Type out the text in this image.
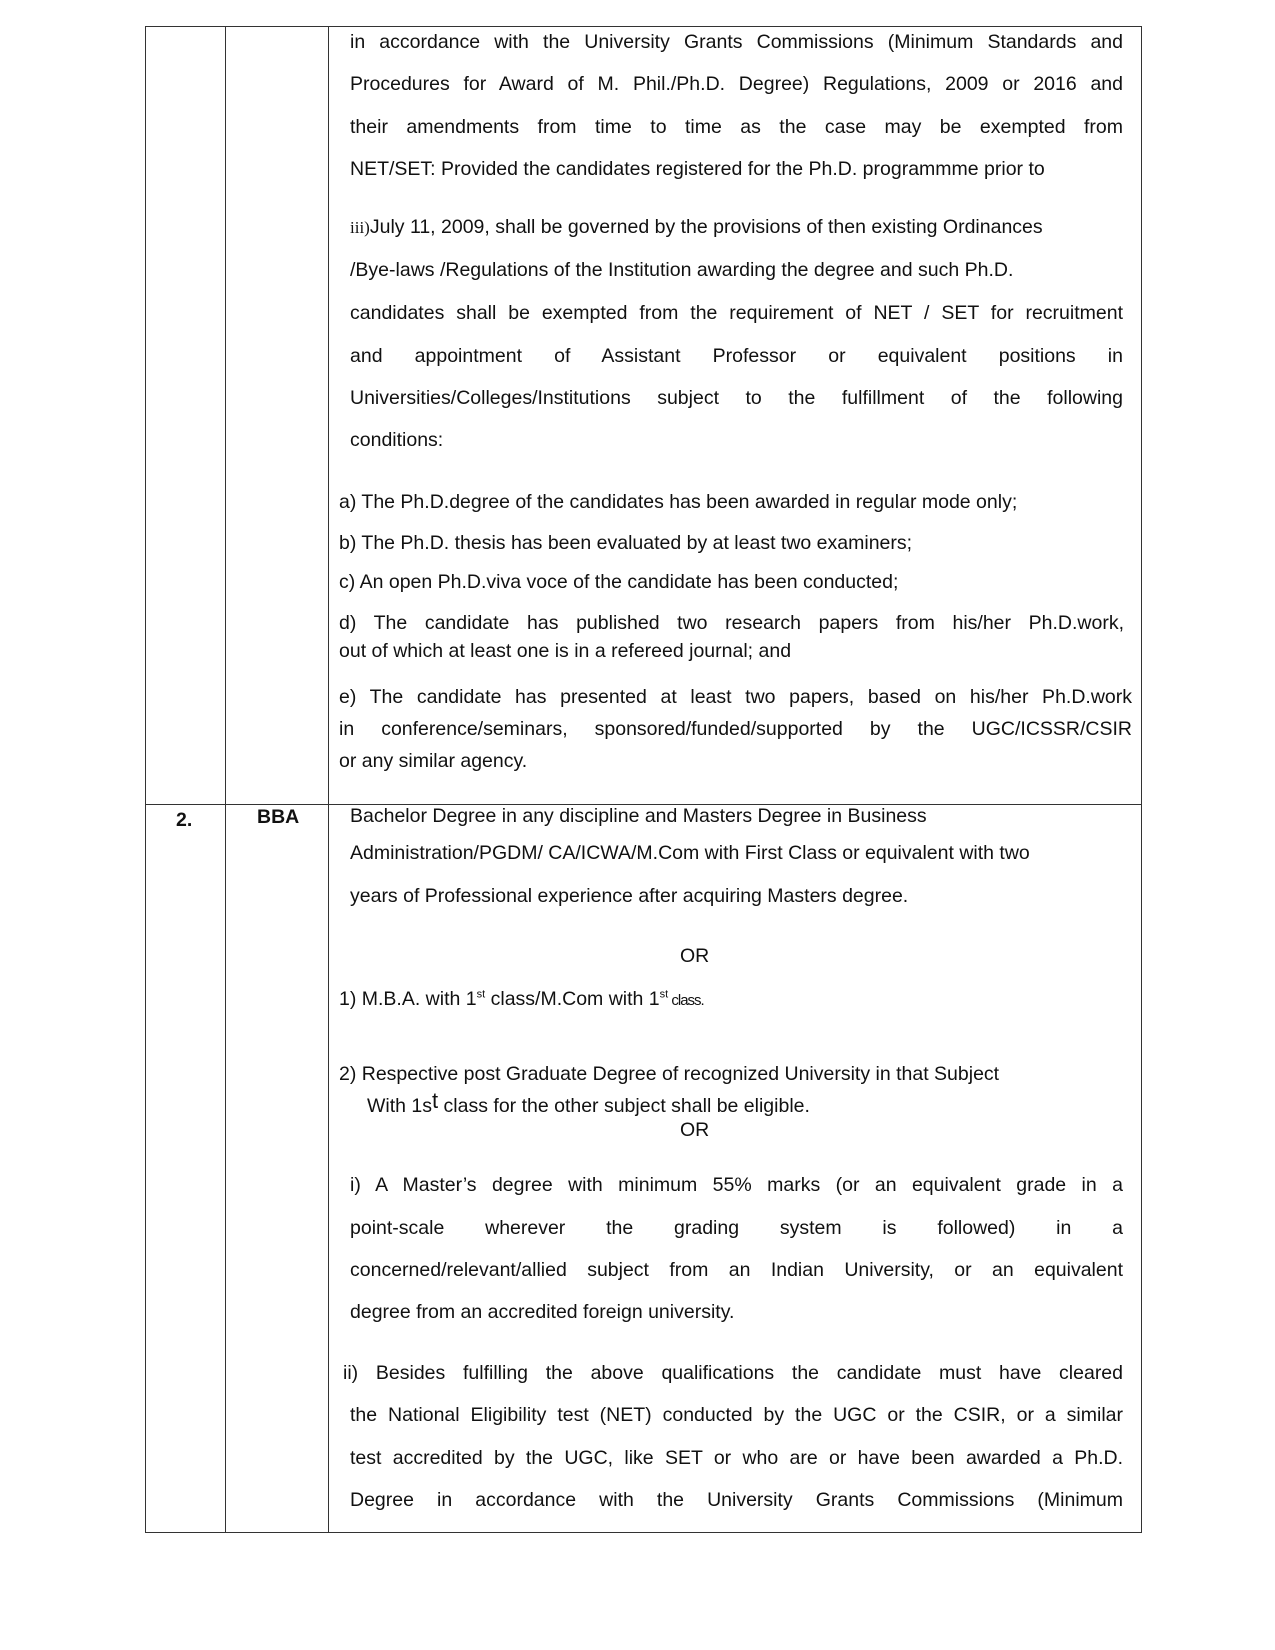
in accordance with the University Grants Commissions (Minimum Standards and
Procedures for Award of M. Phil./Ph.D. Degree) Regulations, 2009 or 2016 and
their amendments from time to time as the case may be exempted from
NET/SET: Provided the candidates registered for the Ph.D. programmme prior to
iii)July 11, 2009, shall be governed by the provisions of then existing Ordinances
/Bye-laws /Regulations of the Institution awarding the degree and such Ph.D.
candidates shall be exempted from the requirement of NET / SET for recruitment
and appointment of Assistant Professor or equivalent positions in
Universities/Colleges/Institutions subject to the fulfillment of the following
conditions:
a) The Ph.D.degree of the candidates has been awarded in regular mode only;
b) The Ph.D. thesis has been evaluated by at least two examiners;
c) An open Ph.D.viva voce of the candidate has been conducted;
d) The candidate has published two research papers from his/her Ph.D.work,
out of which at least one is in a refereed journal; and
e) The candidate has presented at least two papers, based on his/her Ph.D.work
in conference/seminars, sponsored/funded/supported by the UGC/ICSSR/CSIR
or any similar agency.
2.	BBA	Bachelor Degree in any discipline and Masters Degree in Business
Administration/PGDM/ CA/ICWA/M.Com with First Class or equivalent with two
years of Professional experience after acquiring Masters degree.
OR
1) M.B.A. with 1st class/M.Com with 1st class.
2) Respective post Graduate Degree of recognized University in that Subject
With 1st class for the other subject shall be eligible.
OR
i) A Master’s degree with minimum 55% marks (or an equivalent grade in a
point-scale wherever the grading system is followed) in a
concerned/relevant/allied subject from an Indian University, or an equivalent
degree from an accredited foreign university.
ii) Besides fulfilling the above qualifications the candidate must have cleared
the National Eligibility test (NET) conducted by the UGC or the CSIR, or a similar
test accredited by the UGC, like SET or who are or have been awarded a Ph.D.
Degree in accordance with the University Grants Commissions (Minimum
